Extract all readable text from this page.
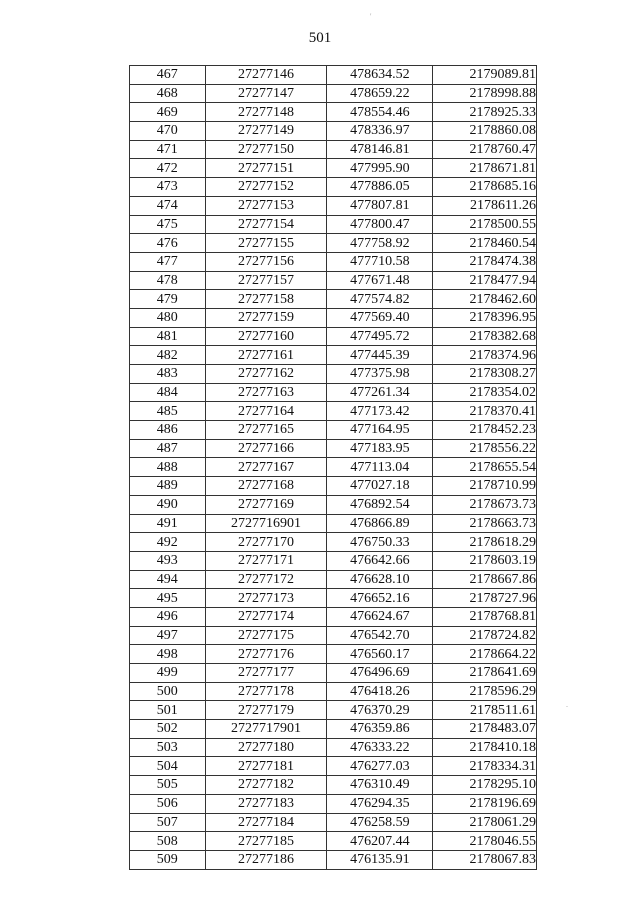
501
467	27277146	478634.52	2179089.81
468	27277147	478659.22	2178998.88
469	27277148	478554.46	2178925.33
470	27277149	478336.97	2178860.08
471	27277150	478146.81	2178760.47
472	27277151	477995.90	2178671.81
473	27277152	477886.05	2178685.16
474	27277153	477807.81	2178611.26
475	27277154	477800.47	2178500.55
476	27277155	477758.92	2178460.54
477	27277156	477710.58	2178474.38
478	27277157	477671.48	2178477.94
479	27277158	477574.82	2178462.60
480	27277159	477569.40	2178396.95
481	27277160	477495.72	2178382.68
482	27277161	477445.39	2178374.96
483	27277162	477375.98	2178308.27
484	27277163	477261.34	2178354.02
485	27277164	477173.42	2178370.41
486	27277165	477164.95	2178452.23
487	27277166	477183.95	2178556.22
488	27277167	477113.04	2178655.54
489	27277168	477027.18	2178710.99
490	27277169	476892.54	2178673.73
491	2727716901	476866.89	2178663.73
492	27277170	476750.33	2178618.29
493	27277171	476642.66	2178603.19
494	27277172	476628.10	2178667.86
495	27277173	476652.16	2178727.96
496	27277174	476624.67	2178768.81
497	27277175	476542.70	2178724.82
498	27277176	476560.17	2178664.22
499	27277177	476496.69	2178641.69
500	27277178	476418.26	2178596.29
501	27277179	476370.29	2178511.61
502	2727717901	476359.86	2178483.07
503	27277180	476333.22	2178410.18
504	27277181	476277.03	2178334.31
505	27277182	476310.49	2178295.10
506	27277183	476294.35	2178196.69
507	27277184	476258.59	2178061.29
508	27277185	476207.44	2178046.55
509	27277186	476135.91	2178067.83
'
.
